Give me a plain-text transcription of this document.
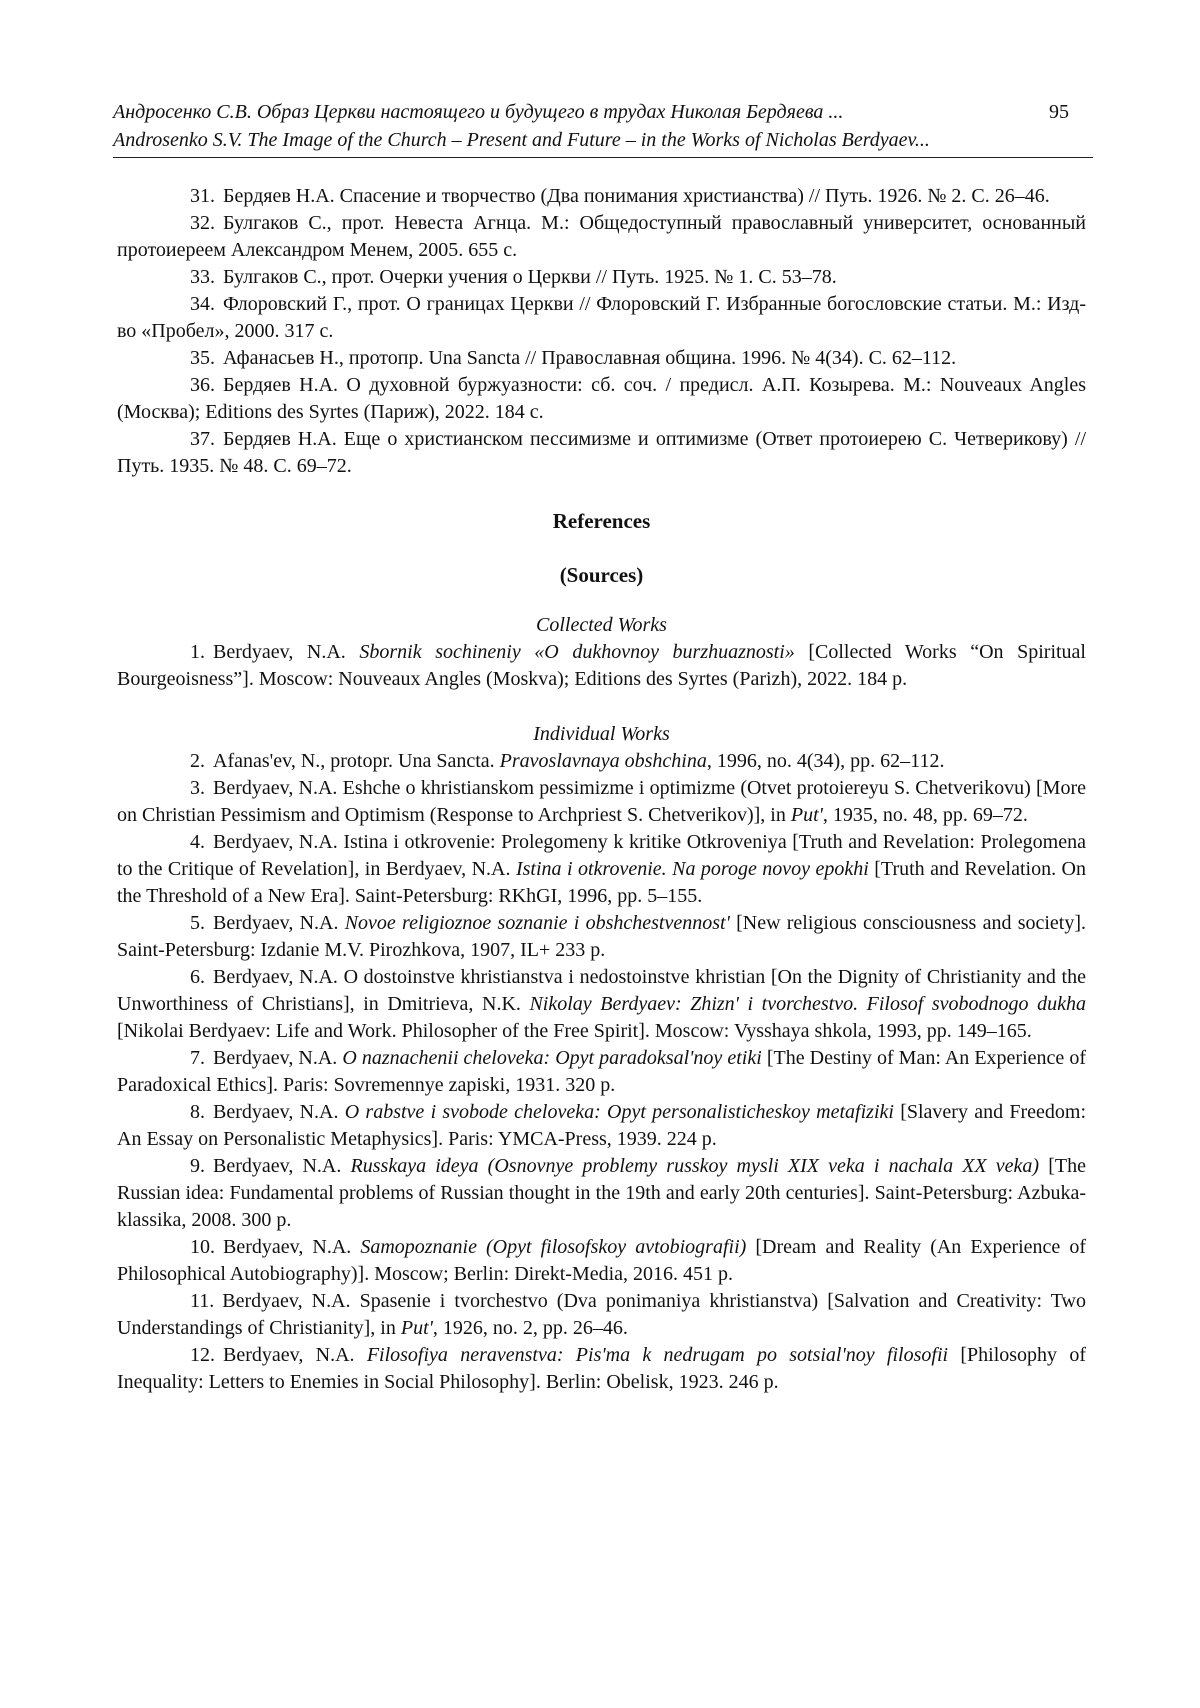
Андросенко С.В. Образ Церкви настоящего и будущего в трудах Николая Бердяева ...	95
Androsenko S.V. The Image of the Church – Present and Future – in the Works of Nicholas Berdyaev...

31. Бердяев Н.А. Спасение и творчество (Два понимания христианства) // Путь. 1926. № 2. С. 26–46.

32. Булгаков С., прот. Невеста Агнца. М.: Общедоступный православный университет, основанный протоиереем Александром Менем, 2005. 655 с.

33. Булгаков С., прот. Очерки учения о Церкви // Путь. 1925. № 1. С. 53–78.

34. Флоровский Г., прот. О границах Церкви // Флоровский Г. Избранные богословские статьи. М.: Изд-во «Пробел», 2000. 317 с.

35. Афанасьев Н., протопр. Una Sancta // Православная община. 1996. № 4(34). С. 62–112.

36. Бердяев Н.А. О духовной буржуазности: сб. соч. / предисл. А.П. Козырева. М.: Nouveaux Angles (Москва); Editions des Syrtes (Париж), 2022. 184 с.

37. Бердяев Н.А. Еще о христианском пессимизме и оптимизме (Ответ протоиерею С. Четверикову) // Путь. 1935. № 48. С. 69–72.

References

(Sources)

Collected Works

1. Berdyaev, N.A. Sbornik sochineniy «O dukhovnoy burzhuaznosti» [Collected Works “On Spiritual Bourgeoisness”]. Moscow: Nouveaux Angles (Moskva); Editions des Syrtes (Parizh), 2022. 184 p.

Individual Works

2. Afanas'ev, N., protopr. Una Sancta. Pravoslavnaya obshchina, 1996, no. 4(34), pp. 62–112.

3. Berdyaev, N.A. Eshche o khristianskom pessimizme i optimizme (Otvet protoiereyu S. Chetverikovu) [More on Christian Pessimism and Optimism (Response to Archpriest S. Chetverikov)], in Put', 1935, no. 48, pp. 69–72.

4. Berdyaev, N.A. Istina i otkrovenie: Prolegomeny k kritike Otkroveniya [Truth and Revelation: Prolegomena to the Critique of Revelation], in Berdyaev, N.A. Istina i otkrovenie. Na poroge novoy epokhi [Truth and Revelation. On the Threshold of a New Era]. Saint-Petersburg: RKhGI, 1996, pp. 5–155.

5. Berdyaev, N.A. Novoe religioznoe soznanie i obshchestvennost' [New religious consciousness and society]. Saint-Petersburg: Izdanie M.V. Pirozhkova, 1907, IL+ 233 p.

6. Berdyaev, N.A. O dostoinstve khristianstva i nedostoinstve khristian [On the Dignity of Christianity and the Unworthiness of Christians], in Dmitrieva, N.K. Nikolay Berdyaev: Zhizn' i tvorchestvo. Filosof svobodnogo dukha [Nikolai Berdyaev: Life and Work. Philosopher of the Free Spirit]. Moscow: Vysshaya shkola, 1993, pp. 149–165.

7. Berdyaev, N.A. O naznachenii cheloveka: Opyt paradoksal'noy etiki [The Destiny of Man: An Experience of Paradoxical Ethics]. Paris: Sovremennye zapiski, 1931. 320 p.

8. Berdyaev, N.A. O rabstve i svobode cheloveka: Opyt personalisticheskoy metafiziki [Slavery and Freedom: An Essay on Personalistic Metaphysics]. Paris: YMCA-Press, 1939. 224 p.

9. Berdyaev, N.A. Russkaya ideya (Osnovnye problemy russkoy mysli XIX veka i nachala XX veka) [The Russian idea: Fundamental problems of Russian thought in the 19th and early 20th centuries]. Saint-Petersburg: Azbuka-klassika, 2008. 300 p.

10. Berdyaev, N.A. Samopoznanie (Opyt filosofskoy avtobiografii) [Dream and Reality (An Experience of Philosophical Autobiography)]. Moscow; Berlin: Direkt-Media, 2016. 451 p.

11. Berdyaev, N.A. Spasenie i tvorchestvo (Dva ponimaniya khristianstva) [Salvation and Creativity: Two Understandings of Christianity], in Put', 1926, no. 2, pp. 26–46.

12. Berdyaev, N.A. Filosofiya neravenstva: Pis'ma k nedrugam po sotsial'noy filosofii [Philosophy of Inequality: Letters to Enemies in Social Philosophy]. Berlin: Obelisk, 1923. 246 p.
